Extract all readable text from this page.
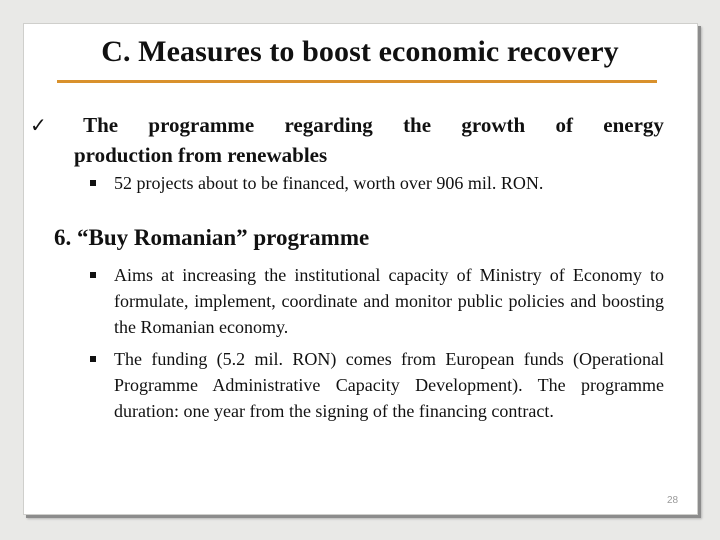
C. Measures to boost economic recovery
✓ The programme regarding the growth of energy
production from renewables
52 projects about to be financed, worth over 906 mil. RON.
6. “Buy Romanian” programme
Aims at increasing the institutional capacity of Ministry of Economy to formulate, implement, coordinate and monitor public policies and boosting the Romanian economy.
The funding (5.2 mil. RON) comes from European funds (Operational Programme Administrative Capacity Development). The programme duration: one year from the signing of the financing contract.
28
